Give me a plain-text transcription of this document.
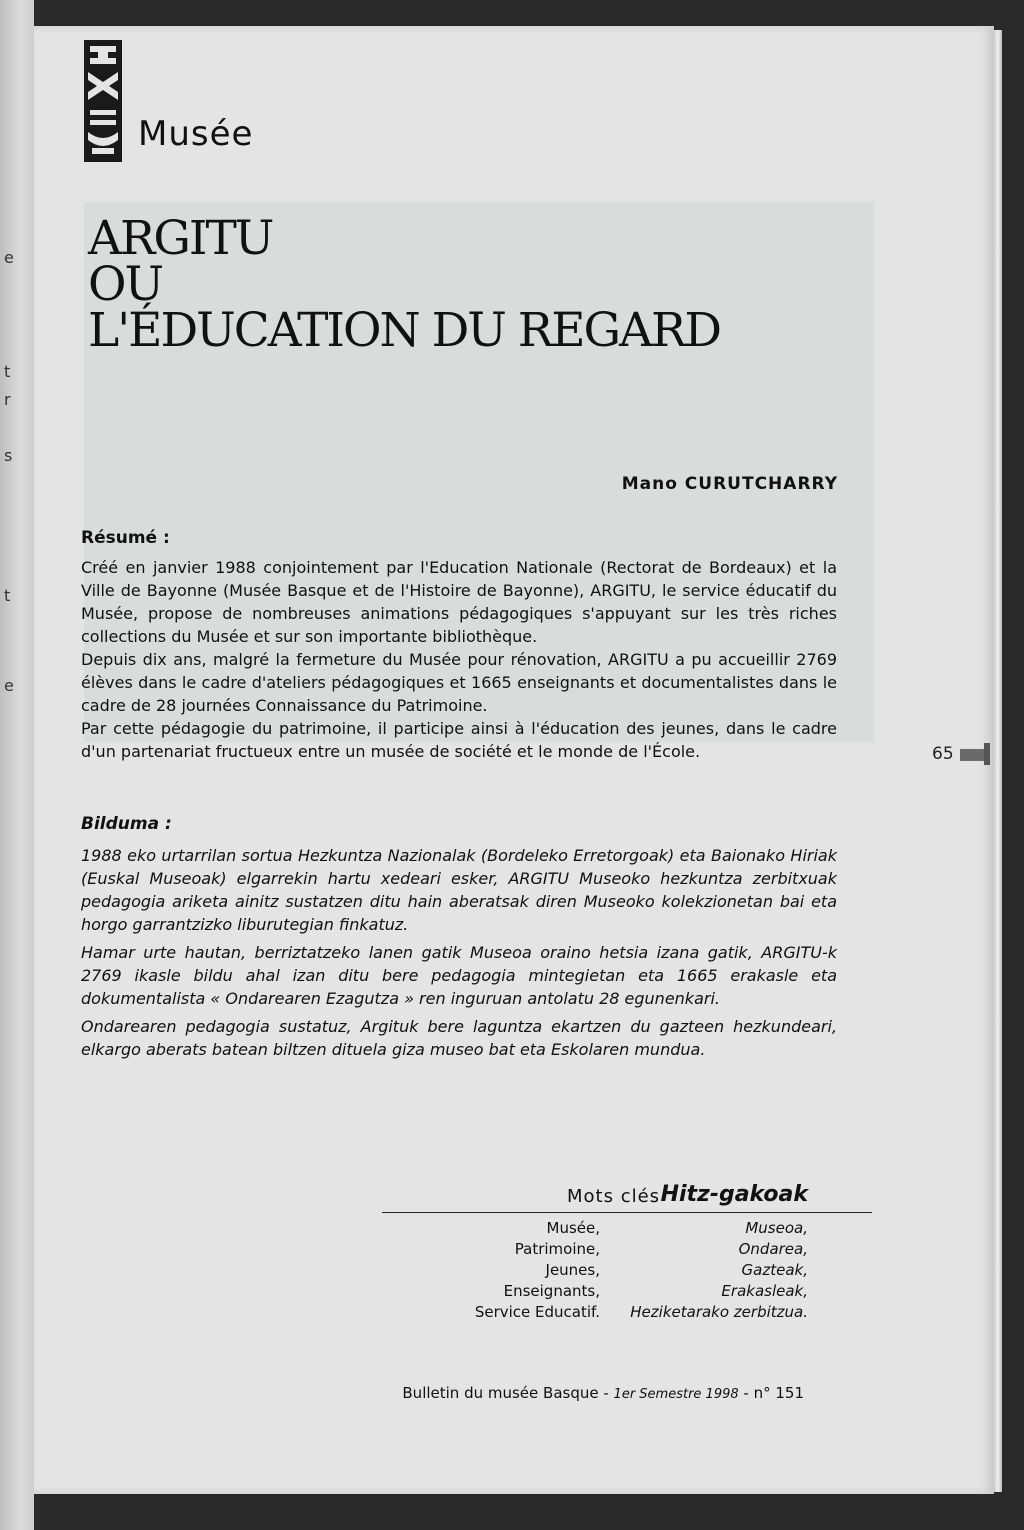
e
t
r
s
t
e
Musée
ARGITU
OU
L'ÉDUCATION DU REGARD
Mano CURUTCHARRY
Résumé :

Créé en janvier 1988 conjointement par l'Education Nationale (Rectorat de Bordeaux) et la Ville de Bayonne (Musée Basque et de l'Histoire de Bayonne), ARGITU, le service éducatif du Musée, propose de nombreuses animations pédagogiques s'appuyant sur les très riches collections du Musée et sur son importante bibliothèque.

Depuis dix ans, malgré la fermeture du Musée pour rénovation, ARGITU a pu accueillir 2769 élèves dans le cadre d'ateliers pédagogiques et 1665 enseignants et documentalistes dans le cadre de 28 journées Connaissance du Patrimoine.

Par cette pédagogie du patrimoine, il participe ainsi à l'éducation des jeunes, dans le cadre d'un partenariat fructueux entre un musée de société et le monde de l'École.

Bilduma :

1988 eko urtarrilan sortua Hezkuntza Nazionalak (Bordeleko Erretorgoak) eta Baionako Hiriak (Euskal Museoak) elgarrekin hartu xedeari esker, ARGITU Museoko hezkuntza zerbitxuak pedagogia ariketa ainitz sustatzen ditu hain aberatsak diren Museoko kolekzionetan bai eta horgo garrantzizko liburutegian finkatuz.

Hamar urte hautan, berriztatzeko lanen gatik Museoa oraino hetsia izana gatik, ARGITU-k 2769 ikasle bildu ahal izan ditu bere pedagogia mintegietan eta 1665 erakasle eta dokumentalista « Ondarearen Ezagutza » ren inguruan antolatu 28 egunenkari.

Ondarearen pedagogia sustatuz, Argituk bere laguntza ekartzen du gazteen hezkundeari, elkargo aberats batean biltzen dituela giza museo bat eta Eskolaren mundua.

Mots clés Hitz-gakoak
Musée,
Patrimoine,
Jeunes,
Enseignants,
Service Educatif.
Museoa,
Ondarea,
Gazteak,
Erakasleak,
Heziketarako zerbitzua.
Bulletin du musée Basque - 1er Semestre 1998 - n° 151
65
